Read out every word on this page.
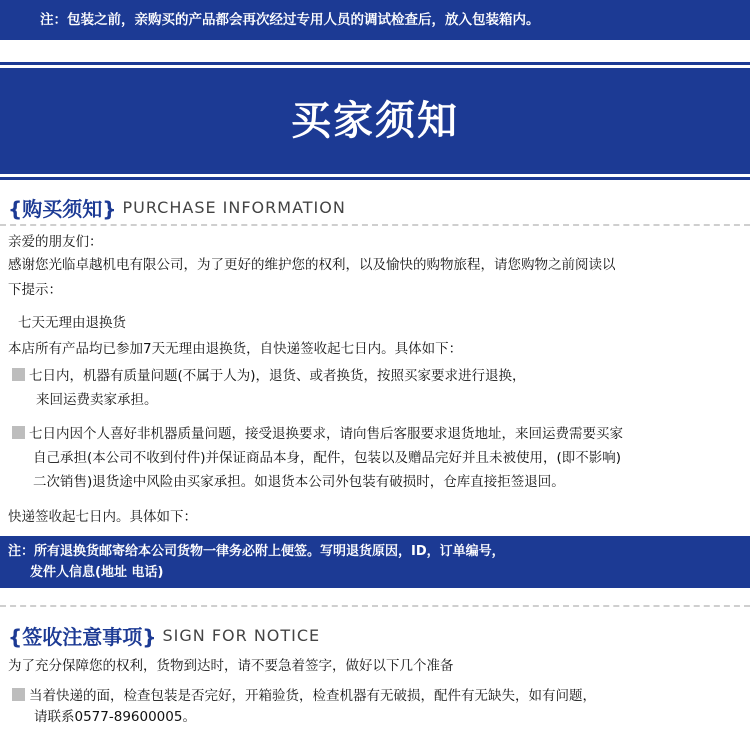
注：包装之前，亲购买的产品都会再次经过专用人员的调试检查后，放入包装箱内。
买家须知
{购买须知} PURCHASE INFORMATION
亲爱的朋友们：
感谢您光临卓越机电有限公司，为了更好的维护您的权利，以及愉快的购物旅程，请您购物之前阅读以
下提示：
七天无理由退换货
本店所有产品均已参加7天无理由退换货，自快递签收起七日内。具体如下：
七日内，机器有质量问题(不属于人为)，退货、或者换货，按照买家要求进行退换，
来回运费卖家承担。
七日内因个人喜好非机器质量问题，接受退换要求，请向售后客服要求退货地址，来回运费需要买家
自己承担(本公司不收到付件)并保证商品本身，配件，包装以及赠品完好并且未被使用，(即不影响)
二次销售)退货途中风险由买家承担。如退货本公司外包装有破损时，仓库直接拒签退回。
快递签收起七日内。具体如下：
注：所有退换货邮寄给本公司货物一律务必附上便签。写明退货原因，ID，订单编号，
发件人信息(地址 电话)
{签收注意事项} SIGN FOR NOTICE
为了充分保障您的权利，货物到达时，请不要急着签字，做好以下几个准备
当着快递的面，检查包装是否完好，开箱验货，检查机器有无破损，配件有无缺失，如有问题，
请联系0577-89600005。
